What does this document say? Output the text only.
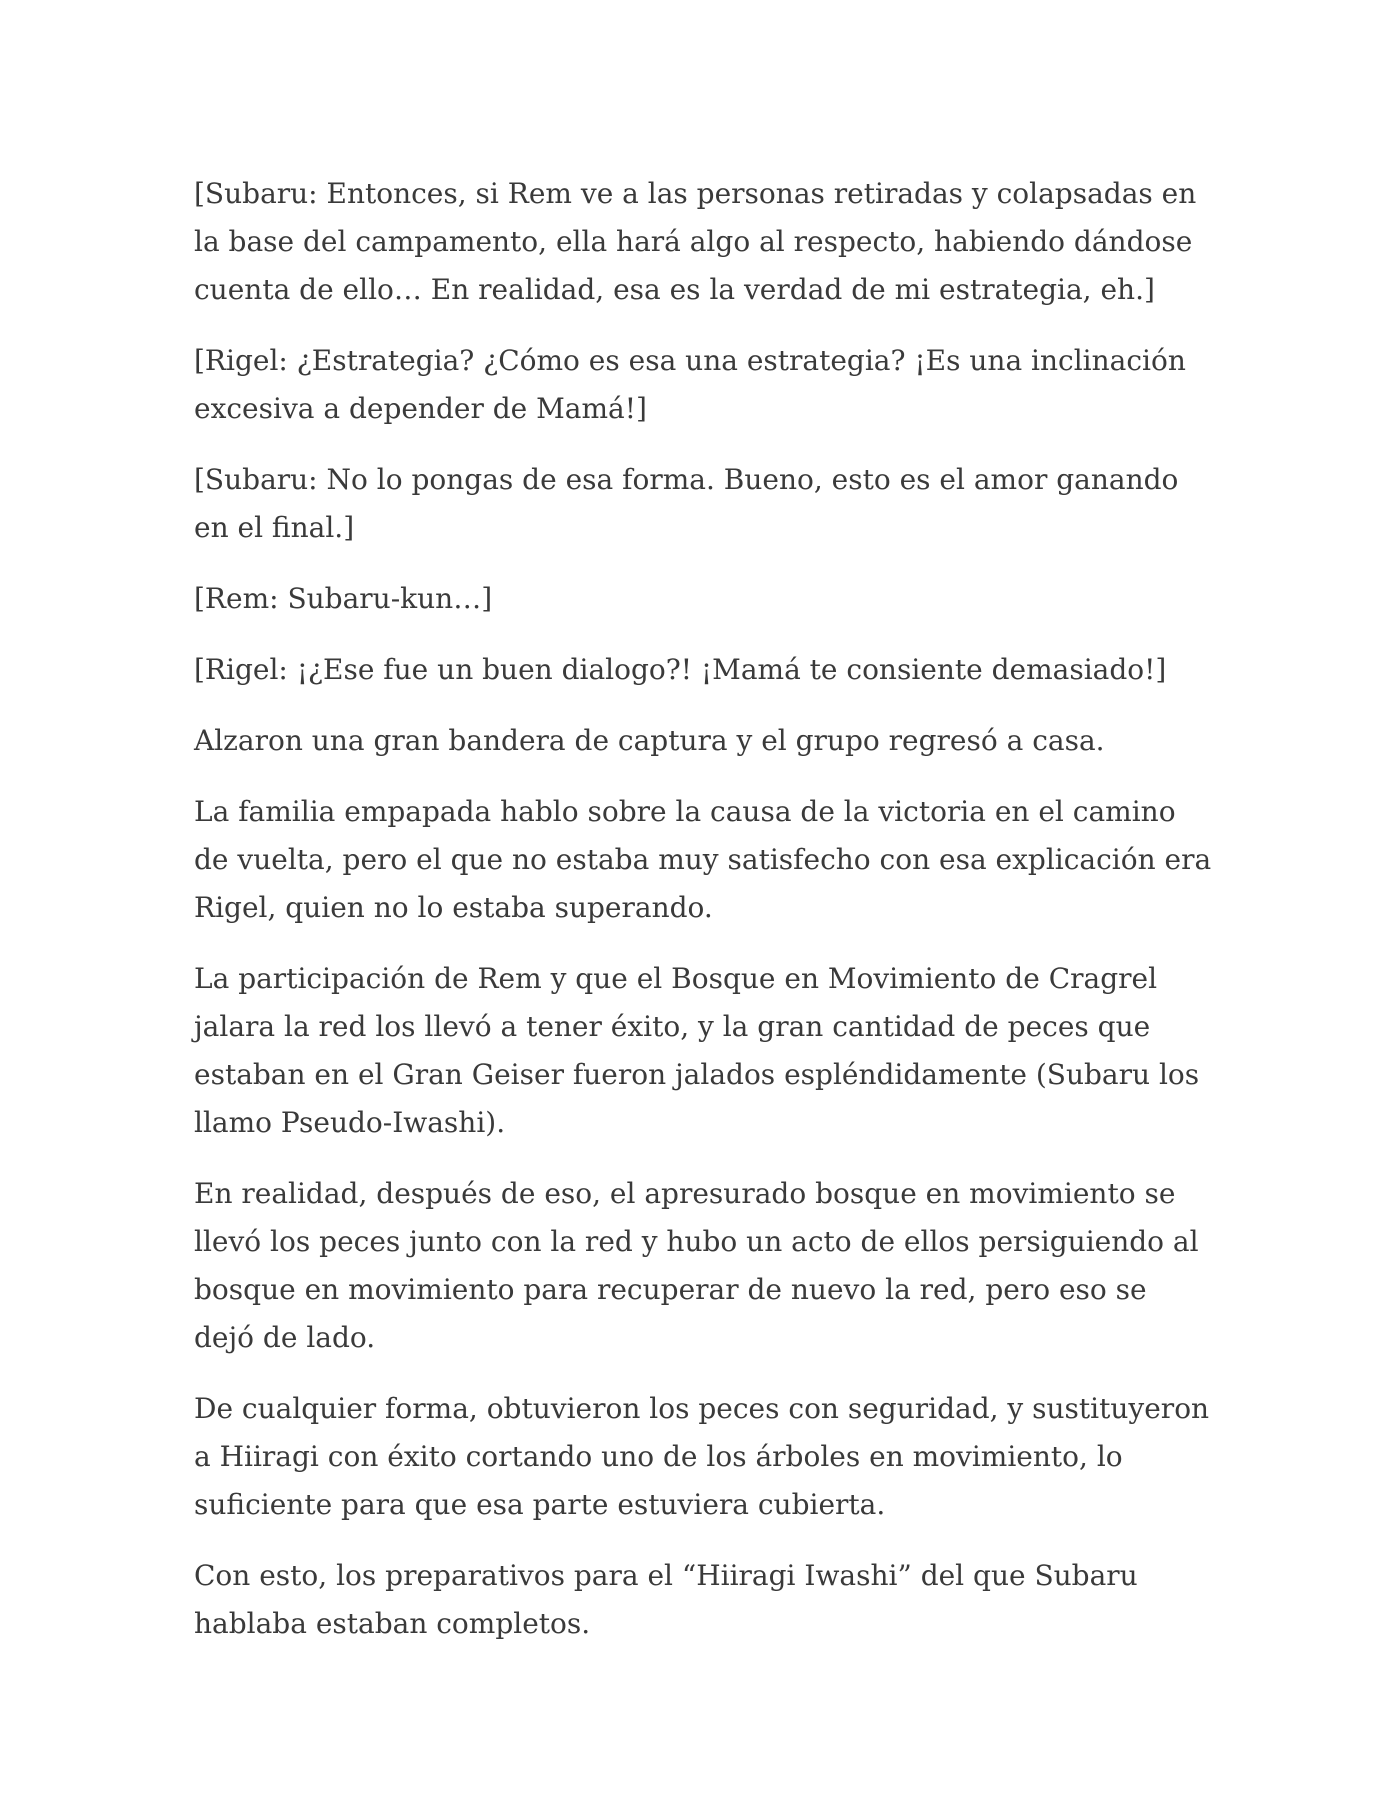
[Subaru: Entonces, si Rem ve a las personas retiradas y colapsadas en la base del campamento, ella hará algo al respecto, habiendo dándose cuenta de ello… En realidad, esa es la verdad de mi estrategia, eh.]

[Rigel: ¿Estrategia? ¿Cómo es esa una estrategia? ¡Es una inclinación excesiva a depender de Mamá!]

[Subaru: No lo pongas de esa forma. Bueno, esto es el amor ganando en el final.]

[Rem: Subaru-kun…]

[Rigel: ¡¿Ese fue un buen dialogo?! ¡Mamá te consiente demasiado!]

Alzaron una gran bandera de captura y el grupo regresó a casa.

La familia empapada hablo sobre la causa de la victoria en el camino de vuelta, pero el que no estaba muy satisfecho con esa explicación era Rigel, quien no lo estaba superando.

La participación de Rem y que el Bosque en Movimiento de Cragrel jalara la red los llevó a tener éxito, y la gran cantidad de peces que estaban en el Gran Geiser fueron jalados espléndidamente (Subaru los llamo Pseudo-Iwashi).

En realidad, después de eso, el apresurado bosque en movimiento se llevó los peces junto con la red y hubo un acto de ellos persiguiendo al bosque en movimiento para recuperar de nuevo la red, pero eso se dejó de lado.

De cualquier forma, obtuvieron los peces con seguridad, y sustituyeron a Hiiragi con éxito cortando uno de los árboles en movimiento, lo suficiente para que esa parte estuviera cubierta.

Con esto, los preparativos para el “Hiiragi Iwashi” del que Subaru hablaba estaban completos.
